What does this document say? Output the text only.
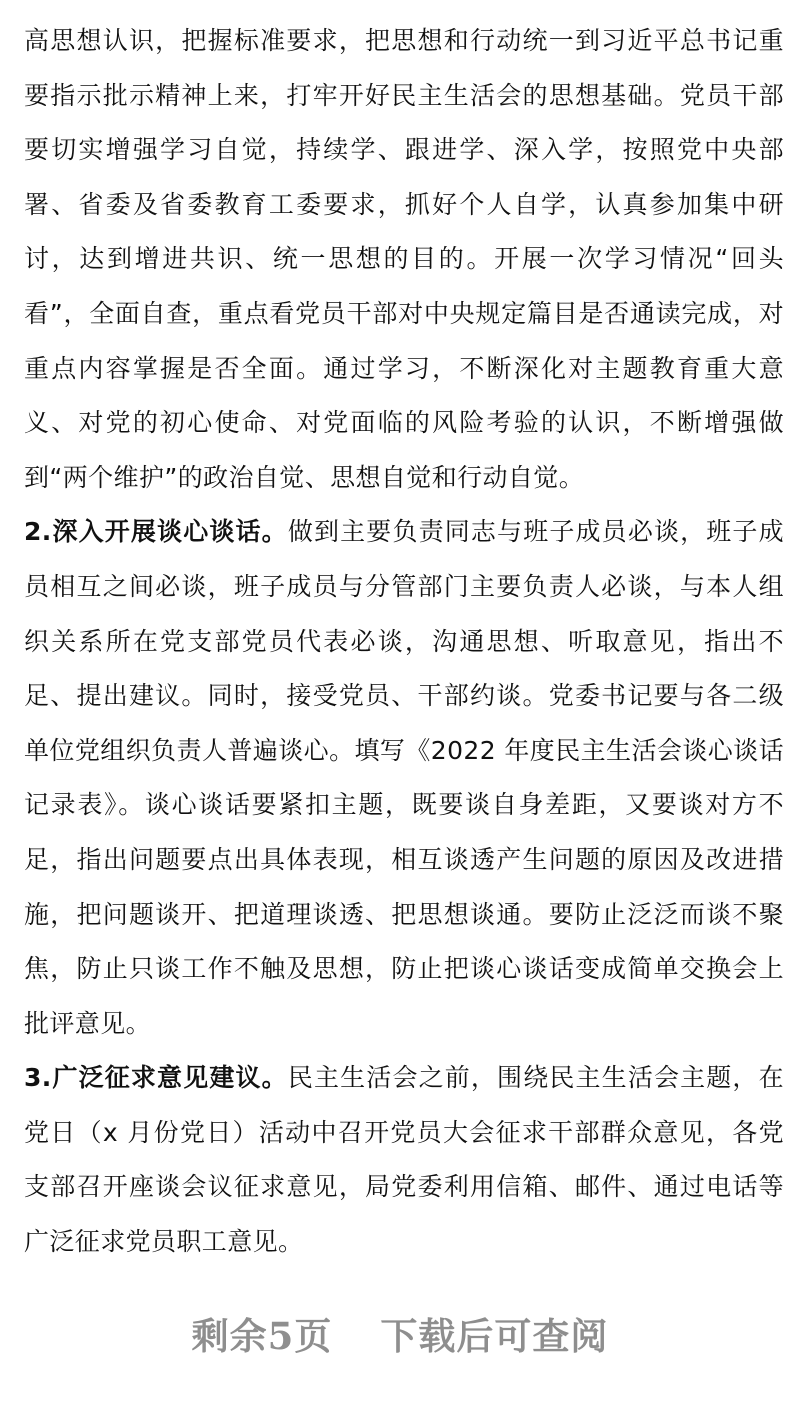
高思想认识，把握标准要求，把思想和行动统一到习近平总书记重要指示批示精神上来，打牢开好民主生活会的思想基础。党员干部要切实增强学习自觉，持续学、跟进学、深入学，按照党中央部署、省委及省委教育工委要求，抓好个人自学，认真参加集中研讨，达到增进共识、统一思想的目的。开展一次学习情况“回头看”，全面自查，重点看党员干部对中央规定篇目是否通读完成，对重点内容掌握是否全面。通过学习，不断深化对主题教育重大意义、对党的初心使命、对党面临的风险考验的认识，不断增强做到“两个维护”的政治自觉、思想自觉和行动自觉。

2.深入开展谈心谈话。做到主要负责同志与班子成员必谈，班子成员相互之间必谈，班子成员与分管部门主要负责人必谈，与本人组织关系所在党支部党员代表必谈，沟通思想、听取意见，指出不足、提出建议。同时，接受党员、干部约谈。党委书记要与各二级单位党组织负责人普遍谈心。填写《2022 年度民主生活会谈心谈话记录表》。谈心谈话要紧扣主题，既要谈自身差距，又要谈对方不足，指出问题要点出具体表现，相互谈透产生问题的原因及改进措施，把问题谈开、把道理谈透、把思想谈通。要防止泛泛而谈不聚焦，防止只谈工作不触及思想，防止把谈心谈话变成简单交换会上批评意见。

3.广泛征求意见建议。民主生活会之前，围绕民主生活会主题，在党日（x 月份党日）活动中召开党员大会征求干部群众意见，各党支部召开座谈会议征求意见，局党委利用信箱、邮件、通过电话等广泛征求党员职工意见。

剩余5页 下载后可查阅
